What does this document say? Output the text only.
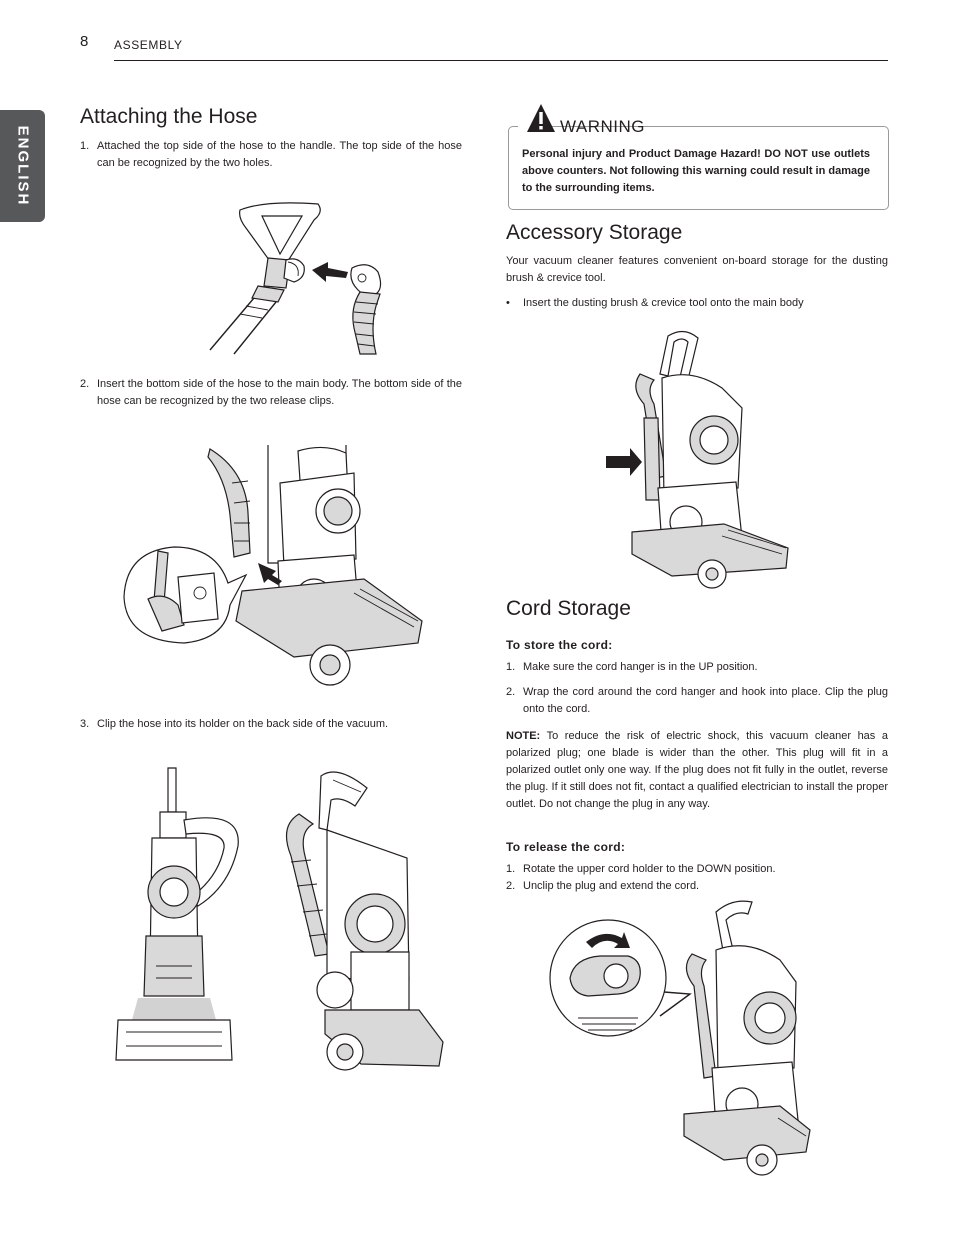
8 ASSEMBLY
ENGLISH
Attaching the Hose
1. Attached the top side of the hose to the handle. The top side of the hose can be recognized by the two holes.
2. Insert the bottom side of the hose to the main body. The bottom side of the hose can be recognized by the two release clips.
3. Clip the hose into its holder on the back side of the vacuum.
WARNING
Personal injury and Product Damage Hazard! DO NOT use outlets above counters. Not following this warning could result in damage to the surrounding items.
Accessory Storage
Your vacuum cleaner features convenient on-board storage for the dusting brush & crevice tool.
• Insert the dusting brush & crevice tool onto the main body
Cord Storage
To store the cord:
1. Make sure the cord hanger is in the UP position.
2. Wrap the cord around the cord hanger and hook into place. Clip the plug onto the cord.
NOTE: To reduce the risk of electric shock, this vacuum cleaner has a polarized plug; one blade is wider than the other. This plug will fit in a polarized outlet only one way. If the plug does not fit fully in the outlet, reverse the plug. If it still does not fit, contact a qualified electrician to install the proper outlet. Do not change the plug in any way.
To release the cord:
1. Rotate the upper cord holder to the DOWN position.
2. Unclip the plug and extend the cord.
